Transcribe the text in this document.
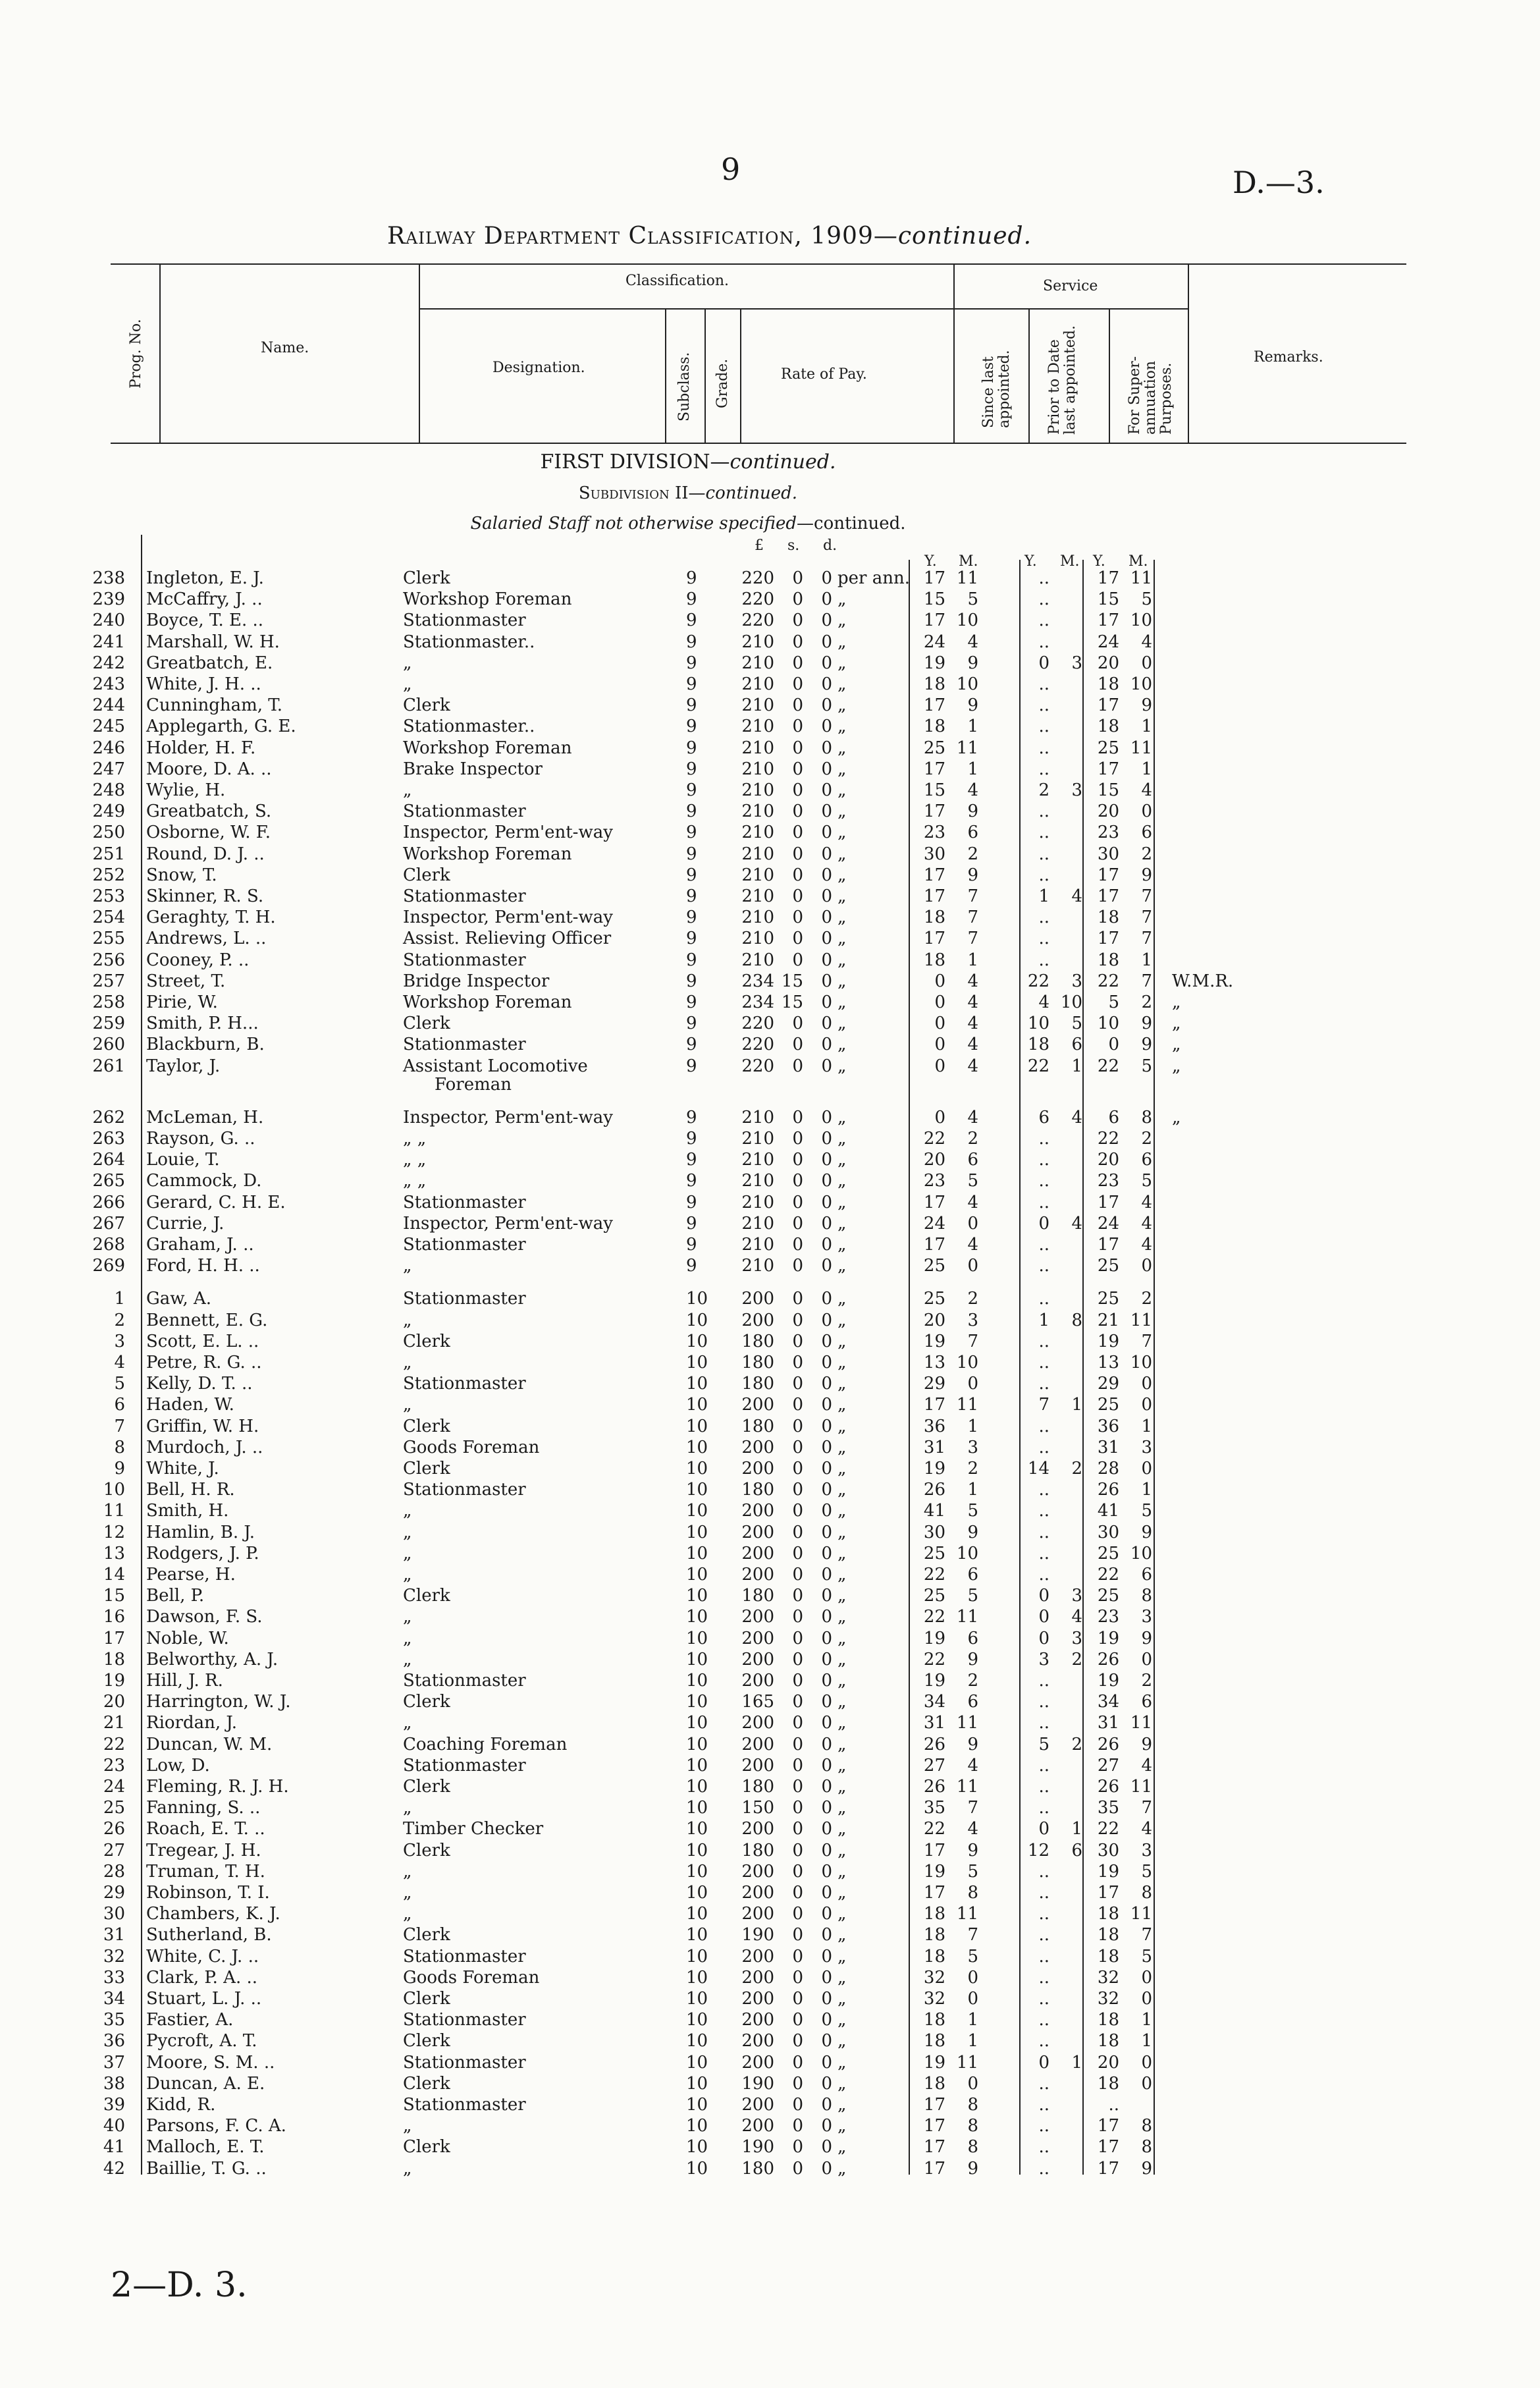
9	D.—3.
Railway Department Classification, 1909—continued.
Prog. No.	Name.
Classification.
Designation.	Subclass. Grade.	Rate of Pay.
Service
Since last appointed. Prior to Date last appointed.	For Super-annuation Purposes.
Remarks.
FIRST DIVISION—continued.
Subdivision II—continued.
Salaried Staff not otherwise specified—continued.
£ s. d.
Y. M.	Y. M. Y. M.
238 Ingleton, E. J.	Clerk	9	220	0	0 per ann. 17 11	..	17 11
239 McCaffry, J. ..	Workshop Foreman	9	220	0	0 „	15	5	..	15	5
240 Boyce, T. E. ..	Stationmaster	9	220	0	0 „	17 10	..	17 10
241 Marshall, W. H.	Stationmaster..	9	210	0	0 „	24	4	..	24	4
242 Greatbatch, E.	„	9	210	0	0 „	19	9	0	3 20	0
243 White, J. H. ..	„	9	210	0	0 „	18 10	..	18 10
244 Cunningham, T.	Clerk	9	210	0	0 „	17	9	..	17	9
245 Applegarth, G. E.	Stationmaster..	9	210	0	0 „	18	1	..	18	1
246 Holder, H. F.	Workshop Foreman	9	210	0	0 „	25 11	..	25 11
247 Moore, D. A. ..	Brake Inspector	9	210	0	0 „	17	1	..	17	1
248 Wylie, H.	„	9	210	0	0 „	15	4	2	3 15	4
249 Greatbatch, S.	Stationmaster	9	210	0	0 „	17	9	..	20	0
250 Osborne, W. F.	Inspector, Perm'ent-way	9	210	0	0 „	23	6	..	23	6
251 Round, D. J. ..	Workshop Foreman	9	210	0	0 „	30	2	..	30	2
252 Snow, T.	Clerk	9	210	0	0 „	17	9	..	17	9
253 Skinner, R. S.	Stationmaster	9	210	0	0 „	17	7	1	4 17	7
254 Geraghty, T. H.	Inspector, Perm'ent-way	9	210	0	0 „	18	7	..	18	7
255 Andrews, L. ..	Assist. Relieving Officer	9	210	0	0 „	17	7	..	17	7
256 Cooney, P. ..	Stationmaster	9	210	0	0 „	18	1	..	18	1
257 Street, T.	Bridge Inspector	9	234 15	0 „	0	4	22	3 22	7 W.M.R.
258 Pirie, W.	Workshop Foreman	9	234 15	0 „	0	4	4 10	5	2 „
259 Smith, P. H...	Clerk	9	220	0	0 „	0	4	10	5 10	9 „
260 Blackburn, B.	Stationmaster	9	220	0	0 „	0	4	18	6	0	9 „
261 Taylor, J.	Assistant Locomotive	9	220	0	0 „	0	4	22	1 22	5 „
Foreman
262 McLeman, H.	Inspector, Perm'ent-way	9	210	0	0 „	0	4	6	4	6	8 „
263 Rayson, G. ..	„ „	9	210	0	0 „	22	2	..	22	2
264 Louie, T.	„ „	9	210	0	0 „	20	6	..	20	6
265 Cammock, D.	„ „	9	210	0	0 „	23	5	..	23	5
266 Gerard, C. H. E.	Stationmaster	9	210	0	0 „	17	4	..	17	4
267 Currie, J.	Inspector, Perm'ent-way	9	210	0	0 „	24	0	0	4 24	4
268 Graham, J. ..	Stationmaster	9	210	0	0 „	17	4	..	17	4
269 Ford, H. H. ..	„	9	210	0	0 „	25	0	..	25	0
1 Gaw, A.	Stationmaster	10	200	0	0 „	25	2	..	25	2
2 Bennett, E. G.	„	10	200	0	0 „	20	3	1	8 21 11
3 Scott, E. L. ..	Clerk	10	180	0	0 „	19	7	..	19	7
4 Petre, R. G. ..	„	10	180	0	0 „	13 10	..	13 10
5 Kelly, D. T. ..	Stationmaster	10	180	0	0 „	29	0	..	29	0
6 Haden, W.	„	10	200	0	0 „	17 11	7	1 25	0
7 Griffin, W. H.	Clerk	10	180	0	0 „	36	1	..	36	1
8 Murdoch, J. ..	Goods Foreman	10	200	0	0 „	31	3	..	31	3
9 White, J.	Clerk	10	200	0	0 „	19	2	14	2 28	0
10 Bell, H. R.	Stationmaster	10	180	0	0 „	26	1	..	26	1
11 Smith, H.	„	10	200	0	0 „	41	5	..	41	5
12 Hamlin, B. J.	„	10	200	0	0 „	30	9	..	30	9
13 Rodgers, J. P.	„	10	200	0	0 „	25 10	..	25 10
14 Pearse, H.	„	10	200	0	0 „	22	6	..	22	6
15 Bell, P.	Clerk	10	180	0	0 „	25	5	0	3 25	8
16 Dawson, F. S.	„	10	200	0	0 „	22 11	0	4 23	3
17 Noble, W.	„	10	200	0	0 „	19	6	0	3 19	9
18 Belworthy, A. J.	„	10	200	0	0 „	22	9	3	2 26	0
19 Hill, J. R.	Stationmaster	10	200	0	0 „	19	2	..	19	2
20 Harrington, W. J.	Clerk	10	165	0	0 „	34	6	..	34	6
21 Riordan, J.	„	10	200	0	0 „	31 11	..	31 11
22 Duncan, W. M.	Coaching Foreman	10	200	0	0 „	26	9	5	2 26	9
23 Low, D.	Stationmaster	10	200	0	0 „	27	4	..	27	4
24 Fleming, R. J. H.	Clerk	10	180	0	0 „	26 11	..	26 11
25 Fanning, S. ..	„	10	150	0	0 „	35	7	..	35	7
26 Roach, E. T. ..	Timber Checker	10	200	0	0 „	22	4	0	1 22	4
27 Tregear, J. H.	Clerk	10	180	0	0 „	17	9	12	6 30	3
28 Truman, T. H.	„	10	200	0	0 „	19	5	..	19	5
29 Robinson, T. I.	„	10	200	0	0 „	17	8	..	17	8
30 Chambers, K. J.	„	10	200	0	0 „	18 11	..	18 11
31 Sutherland, B.	Clerk	10	190	0	0 „	18	7	..	18	7
32 White, C. J. ..	Stationmaster	10	200	0	0 „	18	5	..	18	5
33 Clark, P. A. ..	Goods Foreman	10	200	0	0 „	32	0	..	32	0
34 Stuart, L. J. ..	Clerk	10	200	0	0 „	32	0	..	32	0
35 Fastier, A.	Stationmaster	10	200	0	0 „	18	1	..	18	1
36 Pycroft, A. T.	Clerk	10	200	0	0 „	18	1	..	18	1
37 Moore, S. M. ..	Stationmaster	10	200	0	0 „	19 11	0	1 20	0
38 Duncan, A. E.	Clerk	10	190	0	0 „	18	0	..	18	0
39 Kidd, R.	Stationmaster	10	200	0	0 „	17	8	..	..
40 Parsons, F. C. A.	„	10	200	0	0 „	17	8	..	17	8
41 Malloch, E. T.	Clerk	10	190	0	0 „	17	8	..	17	8
42 Baillie, T. G. ..	„	10	180	0	0 „	17	9	..	17	9
2—D. 3.
